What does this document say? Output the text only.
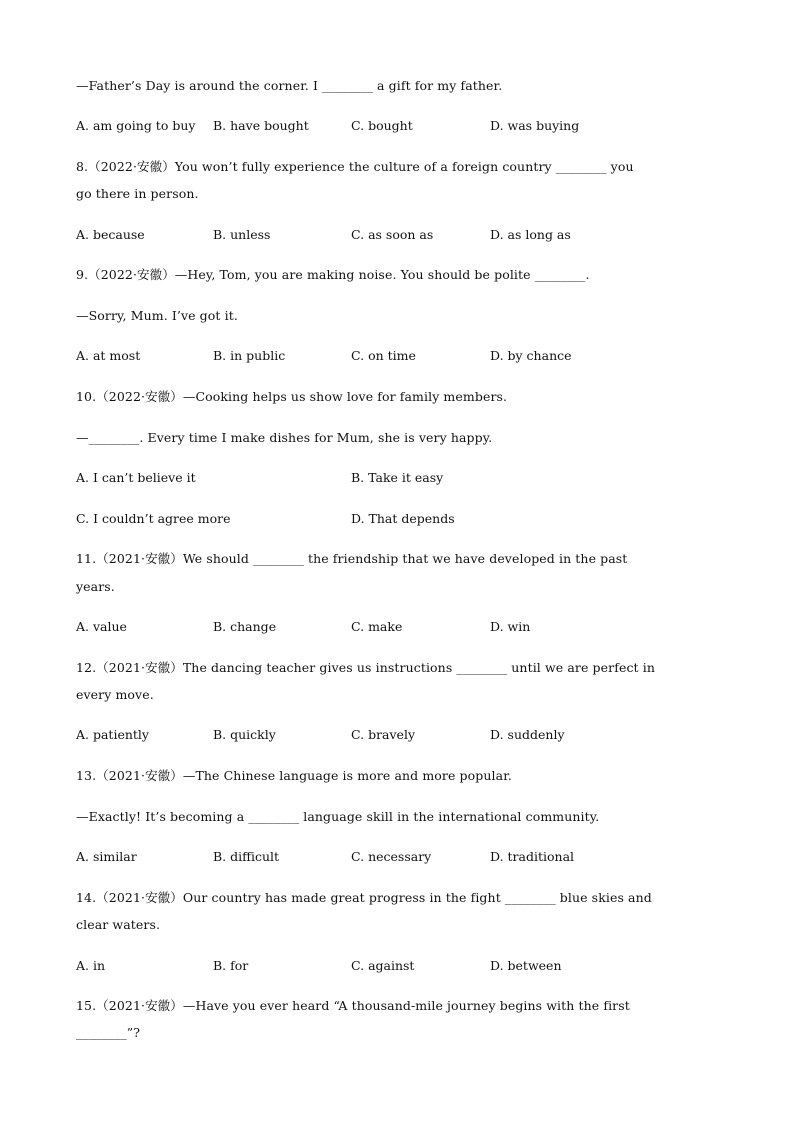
—Father’s Day is around the corner. I ________ a gift for my father.
A. am going to buy B. have bought	C. bought	D. was buying
8.（2022·安徽）You won’t fully experience the culture of a foreign country ________ you
go there in person.
A. because	B. unless	C. as soon as	D. as long as
9.（2022·安徽）—Hey, Tom, you are making noise. You should be polite ________.
—Sorry, Mum. I’ve got it.
A. at most	B. in public	C. on time	D. by chance
10.（2022·安徽）—Cooking helps us show love for family members.
—________. Every time I make dishes for Mum, she is very happy.
A. I can’t believe it	B. Take it easy
C. I couldn’t agree more	D. That depends
11.（2021·安徽）We should ________ the friendship that we have developed in the past
years.
A. value	B. change	C. make	D. win
12.（2021·安徽）The dancing teacher gives us instructions ________ until we are perfect in
every move.
A. patiently	B. quickly	C. bravely	D. suddenly
13.（2021·安徽）—The Chinese language is more and more popular.
—Exactly! It’s becoming a ________ language skill in the international community.
A. similar	B. difficult	C. necessary	D. traditional
14.（2021·安徽）Our country has made great progress in the fight ________ blue skies and
clear waters.
A. in	B. for	C. against	D. between
15.（2021·安徽）—Have you ever heard “A thousand-mile journey begins with the first
________”?
